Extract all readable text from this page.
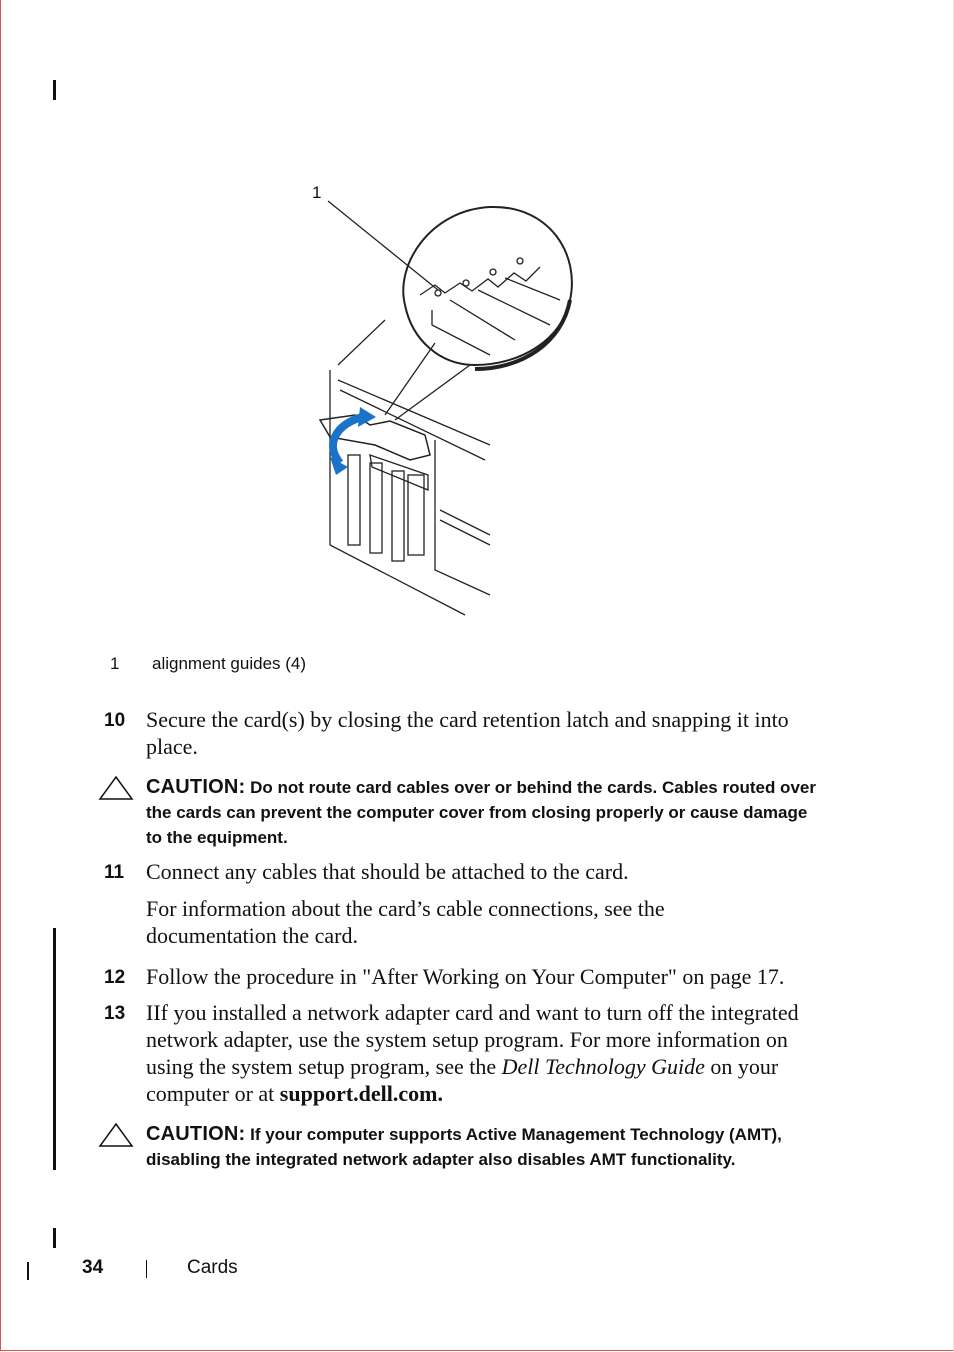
1
1 alignment guides (4)
10 Secure the card(s) by closing the card retention latch and snapping it into place.
CAUTION: Do not route card cables over or behind the cards. Cables routed over the cards can prevent the computer cover from closing properly or cause damage to the equipment.
11 Connect any cables that should be attached to the card.
For information about the card’s cable connections, see the documentation the card.
12 Follow the procedure in "After Working on Your Computer" on page 17.
13 IIf you installed a network adapter card and want to turn off the integrated network adapter, use the system setup program. For more information on using the system setup program, see the Dell Technology Guide on your computer or at support.dell.com.
CAUTION: If your computer supports Active Management Technology (AMT), disabling the integrated network adapter also disables AMT functionality.
34	Cards
